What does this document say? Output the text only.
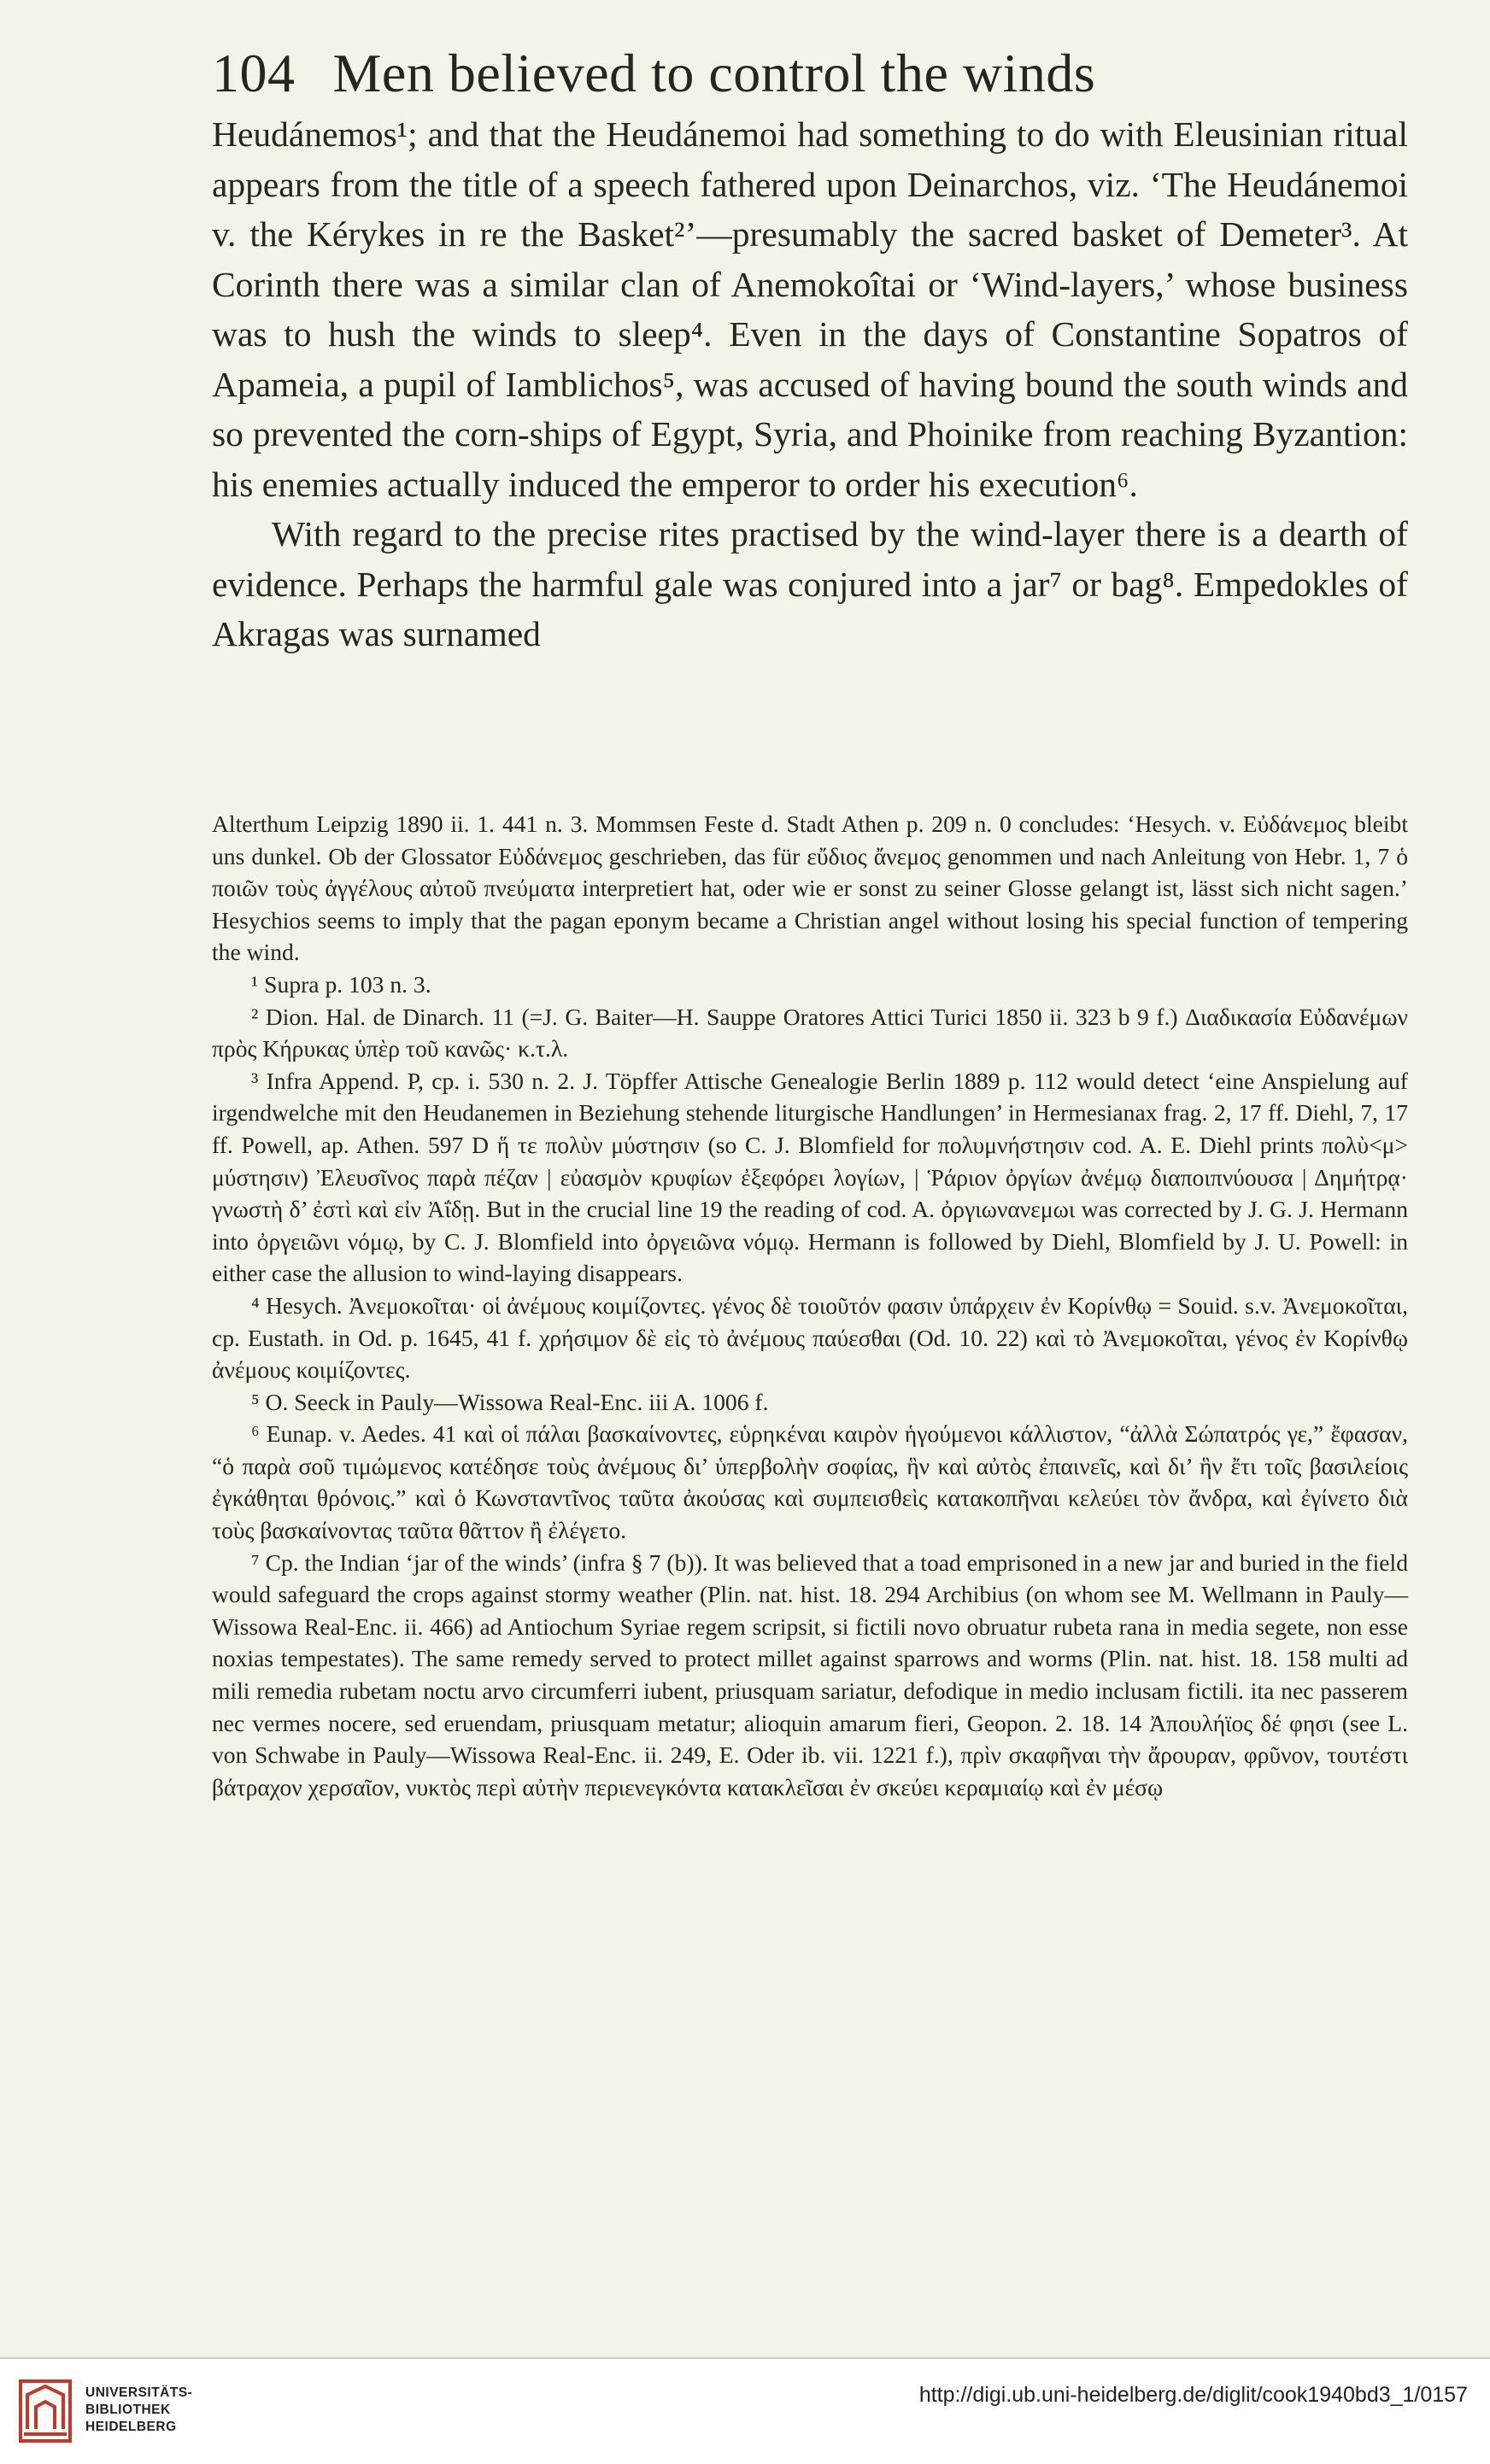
104 Men believed to control the winds

Heudánemos¹; and that the Heudánemoi had something to do with Eleusinian ritual appears from the title of a speech fathered upon Deinarchos, viz. ‘The Heudánemoi v. the Kérykes in re the Basket²’—presumably the sacred basket of Demeter³. At Corinth there was a similar clan of Anemokoîtai or ‘Wind-layers,’ whose business was to hush the winds to sleep⁴. Even in the days of Constantine Sopatros of Apameia, a pupil of Iamblichos⁵, was accused of having bound the south winds and so prevented the corn-ships of Egypt, Syria, and Phoinike from reaching Byzantion: his enemies actually induced the emperor to order his execution⁶.

With regard to the precise rites practised by the wind-layer there is a dearth of evidence. Perhaps the harmful gale was conjured into a jar⁷ or bag⁸. Empedokles of Akragas was surnamed

Alterthum Leipzig 1890 ii. 1. 441 n. 3. Mommsen Feste d. Stadt Athen p. 209 n. 0 concludes: ‘Hesych. v. Εὐδάνεμος bleibt uns dunkel. Ob der Glossator Εὐδάνεμος geschrieben, das für εὔδιος ἄνεμος genommen und nach Anleitung von Hebr. 1, 7 ὁ ποιῶν τοὺς ἀγγέλους αὐτοῦ πνεύματα interpretiert hat, oder wie er sonst zu seiner Glosse gelangt ist, lässt sich nicht sagen.’ Hesychios seems to imply that the pagan eponym became a Christian angel without losing his special function of tempering the wind.

¹ Supra p. 103 n. 3.

² Dion. Hal. de Dinarch. 11 (=J. G. Baiter—H. Sauppe Oratores Attici Turici 1850 ii. 323 b 9 f.) Διαδικασία Εὐδανέμων πρὸς Κήρυκας ὑπὲρ τοῦ κανῶς· κ.τ.λ.

³ Infra Append. P, cp. i. 530 n. 2. J. Töpffer Attische Genealogie Berlin 1889 p. 112 would detect ‘eine Anspielung auf irgendwelche mit den Heudanemen in Beziehung stehende liturgische Handlungen’ in Hermesianax frag. 2, 17 ff. Diehl, 7, 17 ff. Powell, ap. Athen. 597 D ἥ τε πολὺν μύστησιν (so C. J. Blomfield for πολυμνήστησιν cod. A. E. Diehl prints πολὺ<μ> μύστησιν) Ἐλευσῖνος παρὰ πέζαν | εὐασμὸν κρυφίων ἐξεφόρει λογίων, | Ῥάριον ὀργίων ἀνέμῳ διαποιπνύουσα | Δημήτρᾳ· γνωστὴ δ’ ἐστὶ καὶ εἰν Ἀΐδῃ. But in the crucial line 19 the reading of cod. A. ὀργιωνανεμωι was corrected by J. G. J. Hermann into ὀργειῶνι νόμῳ, by C. J. Blomfield into ὀργειῶνα νόμῳ. Hermann is followed by Diehl, Blomfield by J. U. Powell: in either case the allusion to wind-laying disappears.

⁴ Hesych. Ἀνεμοκοῖται· οἱ ἀνέμους κοιμίζοντες. γένος δὲ τοιοῦτόν φασιν ὑπάρχειν ἐν Κορίνθῳ = Souid. s.v. Ἀνεμοκοῖται, cp. Eustath. in Od. p. 1645, 41 f. χρήσιμον δὲ εἰς τὸ ἀνέμους παύεσθαι (Od. 10. 22) καὶ τὸ Ἀνεμοκοῖται, γένος ἐν Κορίνθῳ ἀνέμους κοιμίζοντες.

⁵ O. Seeck in Pauly—Wissowa Real-Enc. iii A. 1006 f.

⁶ Eunap. v. Aedes. 41 καὶ οἱ πάλαι βασκαίνοντες, εὑρηκέναι καιρὸν ἡγούμενοι κάλλιστον, “ἀλλὰ Σώπατρός γε,” ἔφασαν, “ὁ παρὰ σοῦ τιμώμενος κατέδησε τοὺς ἀνέμους δι’ ὑπερβολὴν σοφίας, ἣν καὶ αὐτὸς ἐπαινεῖς, καὶ δι’ ἣν ἔτι τοῖς βασιλείοις ἐγκάθηται θρόνοις.” καὶ ὁ Κωνσταντῖνος ταῦτα ἀκούσας καὶ συμπεισθεὶς κατακοπῆναι κελεύει τὸν ἄνδρα, καὶ ἐγίνετο διὰ τοὺς βασκαίνοντας ταῦτα θᾶττον ἢ ἐλέγετο.

⁷ Cp. the Indian ‘jar of the winds’ (infra § 7 (b)). It was believed that a toad emprisoned in a new jar and buried in the field would safeguard the crops against stormy weather (Plin. nat. hist. 18. 294 Archibius (on whom see M. Wellmann in Pauly—Wissowa Real-Enc. ii. 466) ad Antiochum Syriae regem scripsit, si fictili novo obruatur rubeta rana in media segete, non esse noxias tempestates). The same remedy served to protect millet against sparrows and worms (Plin. nat. hist. 18. 158 multi ad mili remedia rubetam noctu arvo circumferri iubent, priusquam sariatur, defodique in medio inclusam fictili. ita nec passerem nec vermes nocere, sed eruendam, priusquam metatur; alioquin amarum fieri, Geopon. 2. 18. 14 Ἀπουλήϊος δέ φησι (see L. von Schwabe in Pauly—Wissowa Real-Enc. ii. 249, E. Oder ib. vii. 1221 f.), πρὶν σκαφῆναι τὴν ἄρουραν, φρῦνον, τουτέστι βάτραχον χερσαῖον, νυκτὸς περὶ αὐτὴν περιενεγκόντα κατακλεῖσαι ἐν σκεύει κεραμιαίῳ καὶ ἐν μέσῳ

UNIVERSITÄTS-
BIBLIOTHEK
HEIDELBERG
http://digi.ub.uni-heidelberg.de/diglit/cook1940bd3_1/0157
